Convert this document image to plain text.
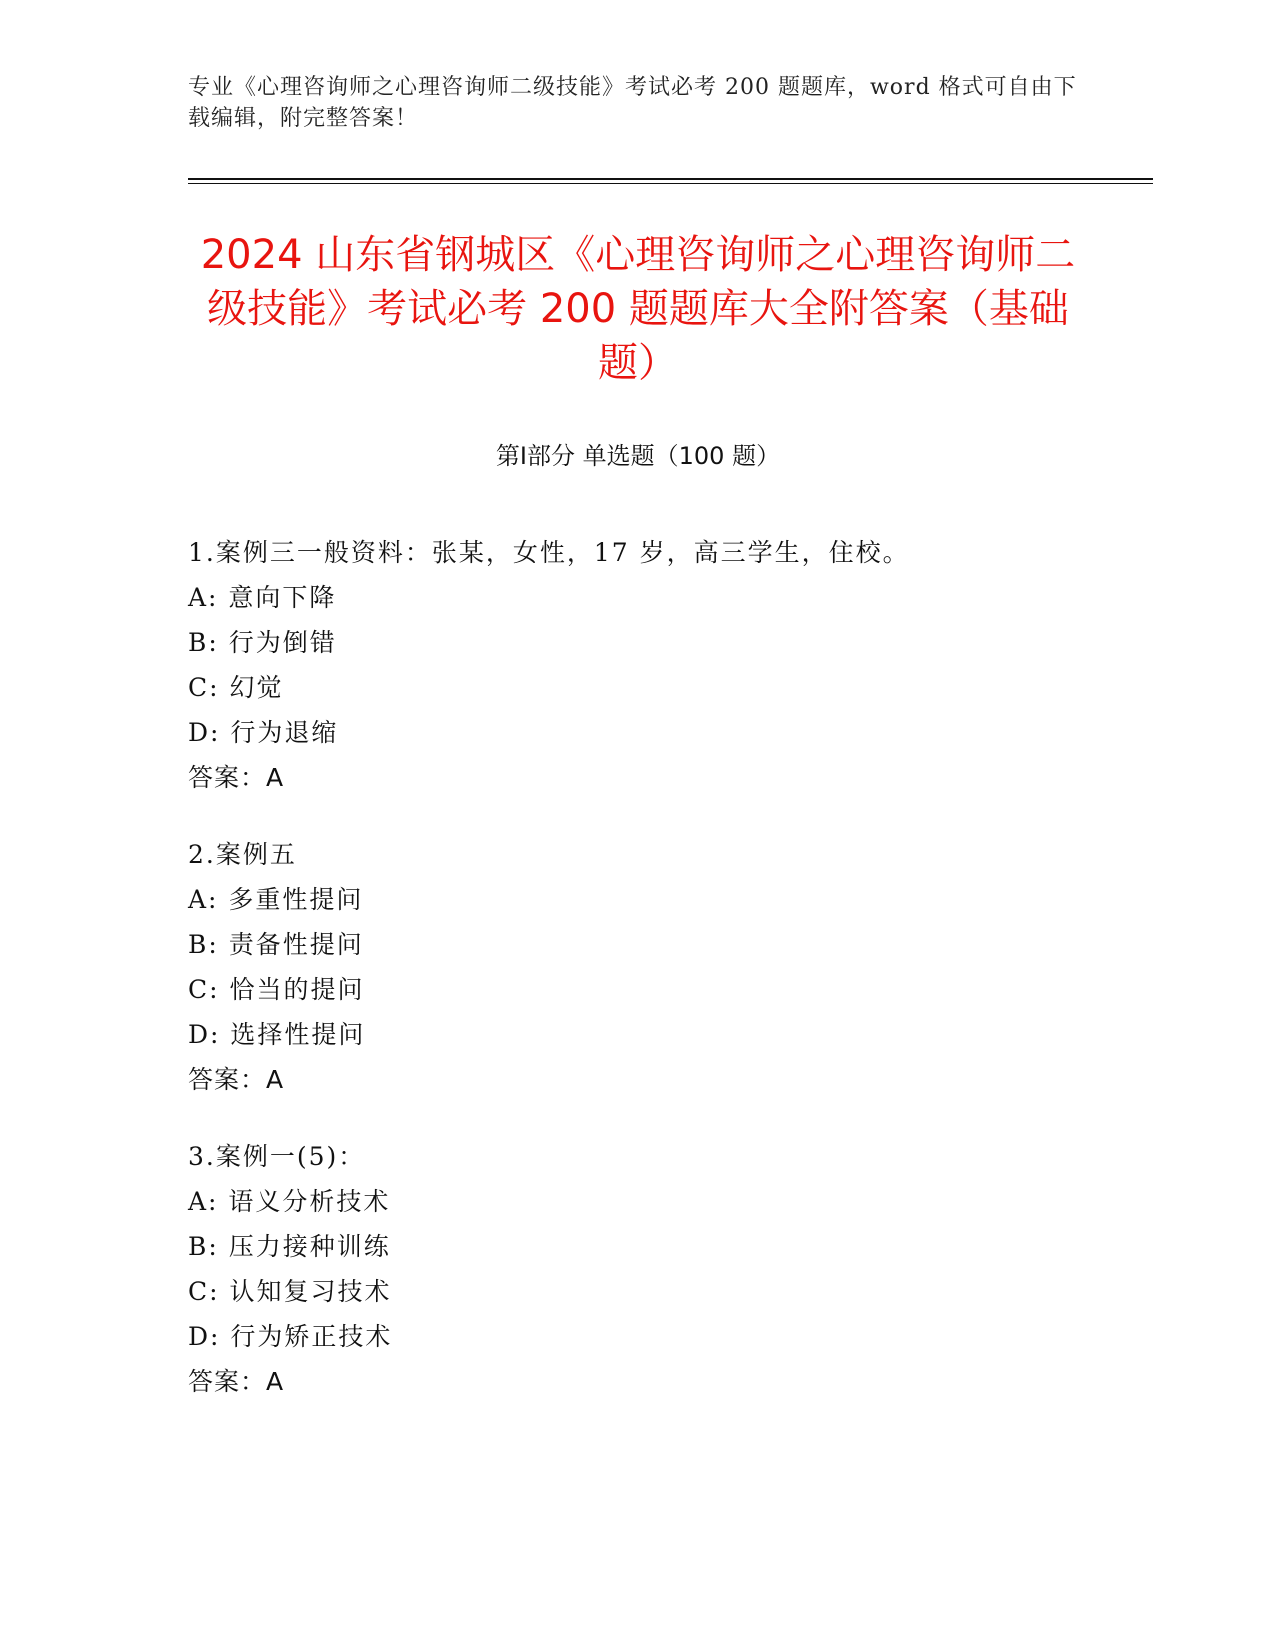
专业《心理咨询师之心理咨询师二级技能》考试必考 200 题题库，word 格式可自由下载编辑，附完整答案！
2024 山东省钢城区《心理咨询师之心理咨询师二级技能》考试必考 200 题题库大全附答案（基础题）
第Ⅰ部分 单选题（100 题）
1.案例三一般资料：张某，女性，17 岁，高三学生，住校。
A: 意向下降
B: 行为倒错
C: 幻觉
D: 行为退缩
答案：A
2.案例五
A: 多重性提问
B: 责备性提问
C: 恰当的提问
D: 选择性提问
答案：A
3.案例一(5)：
A: 语义分析技术
B: 压力接种训练
C: 认知复习技术
D: 行为矫正技术
答案：A
